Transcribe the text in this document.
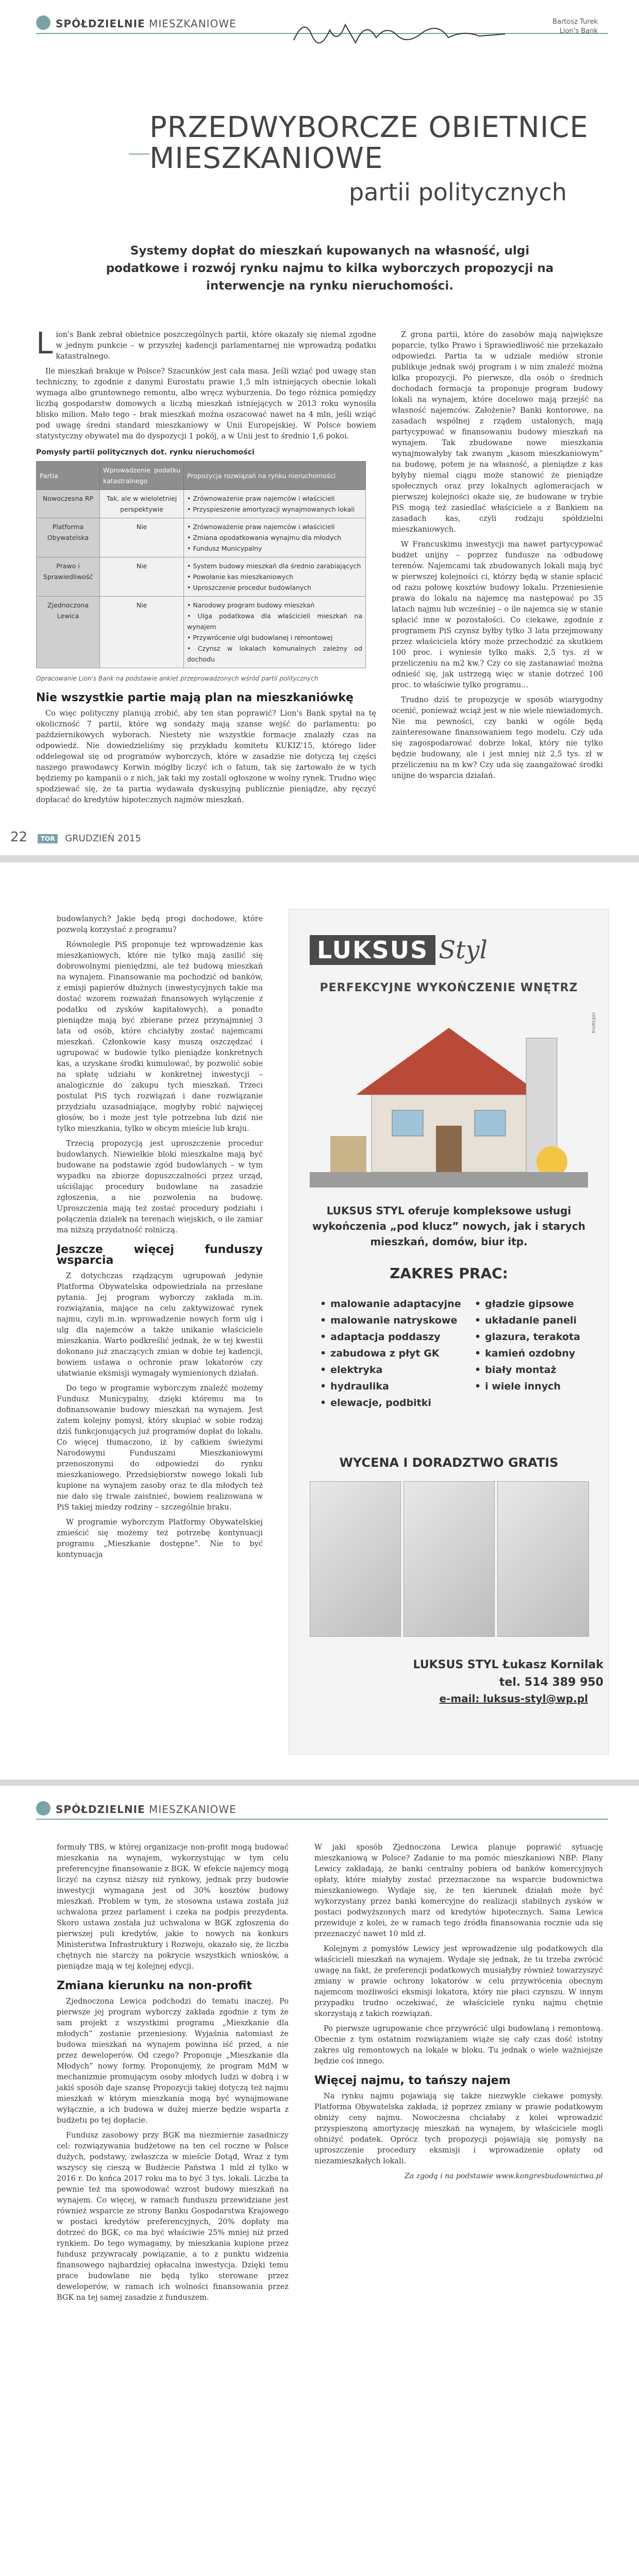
SPÓŁDZIELNIE MIESZKANIOWE	Bartosz Turek
Lion's Bank
PRZEDWYBORCZE OBIETNICE MIESZKANIOWE
partii politycznych
Systemy dopłat do mieszkań kupowanych na własność, ulgi podatkowe i rozwój rynku najmu to kilka wyborczych propozycji na interwencje na rynku nieruchomości.

Lion's Bank zebrał obietnice poszczególnych partii, które okazały się niemal zgodne w jednym punkcie – w przyszłej kadencji parlamentarnej nie wprowadzą podatku katastralnego.

Ile mieszkań brakuje w Polsce? Szacunków jest cała masa. Jeśli wziąć pod uwagę stan techniczny, to zgodnie z danymi Eurostatu prawie 1,5 mln istniejących obecnie lokali wymaga albo gruntownego remontu, albo wręcz wyburzenia. Do tego różnica pomiędzy liczbą gospodarstw domowych a liczbą mieszkań istniejących w 2013 roku wynosiła blisko milion. Mało tego – brak mieszkań można oszacować nawet na 4 mln, jeśli wziąć pod uwagę średni standard mieszkaniowy w Unii Europejskiej. W Polsce bowiem statystyczny obywatel ma do dyspozycji 1 pokój, a w Unii jest to średnio 1,6 pokoi.

Pomysły partii politycznych dot. rynku nieruchomości
Partia	Wprowadzenie podatku katastralnego	Propozycja rozwiązań na rynku nieruchomości
Nowoczesna RP	Tak, ale w wieloletniej perspektywie	• Zrównoważenie praw najemców i właścicieli
• Przyspieszenie amortyzacji wynajmowanych lokali
Platforma Obywatelska	Nie	• Zrównoważenie praw najemców i właścicieli
• Zmiana opodatkowania wynajmu dla młodych
• Fundusz Municypalny
Prawo i Sprawiedliwość	Nie	• System budowy mieszkań dla średnio zarabiających
• Powołanie kas mieszkaniowych
• Uproszczenie procedur budowlanych
Zjednoczona Lewica	Nie	• Narodowy program budowy mieszkań
• Ulga podatkowa dla właścicieli mieszkań na wynajem
• Przywrócenie ulgi budowlanej i remontowej
• Czynsz w lokalach komunalnych zależny od dochodu
Opracowanie Lion's Bank na podstawie ankiet przeprowadzonych wśród partii politycznych
Nie wszystkie partie mają plan na mieszkaniówkę

Co więc polityczny planują zrobić, aby ten stan poprawić? Lion's Bank spytał na tę okoliczność 7 partii, które wg sondaży mają szanse wejść do parlamentu: po październikowych wyborach. Niestety nie wszystkie formacje znalazły czas na odpowiedź. Nie dowiedzieliśmy się przykładu komitetu KUKIZ'15, którego lider oddelegował się od programów wyborczych, które w zasadzie nie dotyczą tej części naszego prawodawcy Korwin mógłby liczyć ich o fatum, tak się żartowało że w tych będziemy po kampanii o z nich, jak taki my zostali ogłoszone w wolny rynek. Trudno więc spodziewać się, że ta partia wydawała dyskusyjną publicznie pieniądze, aby ręczyć dopłacać do kredytów hipotecznych najmów mieszkań.

Z grona partii, które do zasobów mają największe poparcie, tylko Prawo i Sprawiedliwość nie przekazało odpowiedzi. Partia ta w udziale mediów stronie publikuje jednak swój program i w nim znaleźć można kilka propozycji. Po pierwsze, dla osób o średnich dochodach formacja ta proponuje program budowy lokali na wynajem, które docelowo mają przejść na własność najemców. Założenie? Banki kontorowe, na zasadach wspólnej z rządem ustalonych, mają partycypować w finansowaniu budowy mieszkań na wynajem. Tak zbudowane nowe mieszkania wynajmowałyby tak zwanym „kasom mieszkaniowym” na budowę, potem je na własność, a pieniądze z kas byłyby niemal ciągu może stanowić że pieniądze społecznych oraz przy lokalnych aglomeracjach w pierwszej kolejności okaże się, że budowane w trybie PiS mogą też zasiedlać właściciele a z Bankiem na zasadach kas, czyli rodzaju spółdzielni mieszkaniowych.

W Francuskimu inwestycji ma nawet partycypować budżet unijny – poprzez fundusze na odbudowę terenów. Najemcami tak zbudowanych lokali mają być w pierwszej kolejności ci, którzy będą w stanie spłacić od razu połowę kosztów budowy lokalu. Przeniesienie prawa do lokalu na najemcę ma następować po 35 latach najmu lub wcześniej – o ile najemca się w stanie spłacić inne w pozostałości. Co ciekawe, zgodnie z programem PiS czynsz byłby tylko 3 lata przejmowany przez właściciela który może przechodzić za skutkiem 100 proc. i wyniesie tylko maks. 2,5 tys. zł w przeliczeniu na m2 kw.? Czy co się zastanawiać można odnieść się, jak ustrzegą więc w stanie dotrzeć 100 proc. to właściwie tylko programu...

Trudno dziś te propozycje w sposób wiarygodny ocenić, ponieważ wciąż jest w nie wiele niewiadomych. Nie ma pewności, czy banki w ogóle będą zainteresowane finansowaniem tego modelu. Czy uda się zagospodarować dobrze lokal, który nie tylko będzie budowany, ale i jest mniej niż 2,5 tys. zł w przeliczeniu na m kw? Czy uda się zaangażować środki unijne do wsparcia działań.

22 TOR GRUDZIEŃ 2015

budowlanych? Jakie będą progi dochodowe, które pozwolą korzystać z programu?

Równolegle PiS proponuje też wprowadzenie kas mieszkaniowych, które nie tylko mają zasilić się dobrowolnymi pieniędzmi, ale też budową mieszkań na wynajem. Finansowanie ma pochodzić od banków, z emisji papierów dłużnych (inwestycyjnych takie ma dostać wzorem rozważań finansowych wyłączenie z podatku od zysków kapitałowych), a ponadto pieniądze mają być zbierane przez przynajmniej 3 lata od osób, które chciałyby zostać najemcami mieszkań. Członkowie kasy muszą oszczędzać i ugrupować w budowie tylko pieniądze konkretnych kas, a uzyskane środki kumulować, by pozwolić sobie na spłatę udziału w konkretnej inwestycji – analogicznie do zakupu tych mieszkań. Trzeci postulat PiS tych rozwiązań i dane rozwiązanie przydziału uzasadniające, mogłyby robić najwięcej głosów, bo i może jest tyle potrzebna lub dziś nie tylko mieszkania, tylko w obcym mieście lub kraju.

Trzecią propozycją jest uproszczenie procedur budowlanych. Niewielkie bloki mieszkalne mają być budowane na podstawie zgód budowlanych – w tym wypadku na zbiorze dopuszczalności przez urząd, uściślając procedury budowlane na zasadzie zgłoszenia, a nie pozwolenia na budowę. Uproszczenia mają też zostać procedury podziału i połączenia działek na terenach wiejskich, o ile zamiar ma niższą przydatność rolniczą.

Jeszcze więcej funduszy wsparcia

Z dotychczas rządzącym ugrupowań jedynie Platforma Obywatelska odpowiedziała na przesłane pytania. Jej program wyborczy zakłada m.in. rozwiązania, mające na celu zaktywizować rynek najmu, czyli m.in. wprowadzenie nowych form ulg i ulg dla najemców a także unikanie właściciele mieszkania. Warto podkreślić jednak, że w tej kwestii dokonano już znaczących zmian w dobie tej kadencji, bowiem ustawa o ochronie praw lokatorów czy ułatwianie eksmisji wymagały wymienionych działań.

Do tego w programie wyborczym znaleźć możemy Fundusz Municypalny, dzięki któremu ma to dofinansowanie budowy mieszkań na wynajem. Jest zatem kolejny pomysł, który skupiać w sobie rodzaj dziś funkcjonujących już programów dopłat do lokalu. Co więcej tłumaczono, iż by całkiem świeżymi Narodowymi Funduszami Mieszkaniowymi przenoszonymi do odpowiedzi do rynku mieszkaniowego. Przedsiębiorstw nowego lokali lub kupione na wynajem zasoby oraz te dla młodych też nie dało się trwale zaistnieć, bowiem realizowana w PiS takiej miedzy rodziny – szczególnie braku.

W programie wyborczym Platformy Obywatelskiej zmieścić się możemy też potrzebę kontynuacji programu „Mieszkanie dostępne”. Nie to być kontynuacja

reklama
LUKSUS Styl
PERFEKCYJNE WYKOŃCZENIE WNĘTRZ
LUKSUS STYL oferuje kompleksowe usługi wykończenia „pod klucz” nowych, jak i starych mieszkań, domów, biur itp.
ZAKRES PRAC:
• malowanie adaptacyjne
• malowanie natryskowe
• adaptacja poddaszy
• zabudowa z płyt GK
• elektryka
• hydraulika
• elewacje, podbitki
• gładzie gipsowe
• układanie paneli
• glazura, terakota
• kamień ozdobny
• biały montaż
• i wiele innych
WYCENA I DORADZTWO GRATIS
LUKSUS STYL Łukasz Kornilak
tel. 514 389 950
e-mail: luksus-styl@wp.pl
SPÓŁDZIELNIE MIESZKANIOWE

formuły TBS, w której organizacje non-profit mogą budować mieszkania na wynajem, wykorzystując w tym celu preferencyjne finansowanie z BGK. W efekcie najemcy mogą liczyć na czynsz niższy niż rynkowy, jednak przy budowie inwestycji wymagana jest od 30% kosztów budowy mieszkań. Problem w tym, że stosowna ustawa została już uchwalona przez parlament i czeka na podpis prezydenta. Skoro ustawa została już uchwalona w BGK zgłoszenia do pierwszej puli kredytów, jakie to nowych na konkurs Ministerstwa Infrastruktury i Rozwoju, okazało się, że liczba chętnych nie starczy na pokrycie wszystkich wniosków, a pieniądze mają w tej kolejnej edycji.

Zmiana kierunku na non-profit

Zjednoczona Lewica podchodzi do tematu inaczej. Po pierwsze jej program wyborczy zakłada zgodnie z tym że sam projekt z wszystkimi programu „Mieszkanie dla młodych” zostanie przeniesiony. Wyjaśnia natomiast że budowa mieszkań na wynajem powinna iść przed, a nie przez deweloperów. Od czego? Proponuje „Mieszkanie dla Młodych” nowy formy. Proponujemy, że program MdM w mechanizmie promującym osoby młodych ludzi w dobrą i w jakiś sposób daje szansę Propozycji takiej dotyczą też najmu mieszkań w którym mieszkania mogą być wynajmowane wyłącznie, a ich budowa w dużej mierze będzie wsparta z budżetu po tej dopłacie.

Fundusz zasobowy przy BGK ma niezmiernie zasadniczy cel: rozwiązywania budżetowe na ten cel roczne w Polsce dużych, podstawy, zwłaszcza w mieście Dotąd, Wraz z tym wszyscy się cieszą w Budżecie Państwa 1 mld zł tylko w 2016 r. Do końca 2017 roku ma to być 3 tys. lokali. Liczba ta pewnie też ma spowodować wzrost budowy mieszkań na wynajem. Co więcej, w ramach funduszu przewidziane jest również wsparcie ze strony Banku Gospodarstwa Krajowego w postaci kredytów preferencyjnych, 20% dopłaty ma dotrzeć do BGK, co ma być właściwie 25% mniej niż przed rynkiem. Do tego wymagamy, by mieszkania kupione przez fundusz przywracały powiązanie, a to z punktu widzenia finansowego najbardziej opłacalna inwestycja. Dzięki temu prace budowlane nie będą tylko sterowane przez deweloperów, w ramach ich wolności finansowania przez BGK na tej samej zasadzie z funduszem.

W jaki sposób Zjednoczona Lewica planuje poprawić sytuację mieszkaniową w Polsce? Zadanie to ma pomóc mieszkaniowi NBP: Plany Lewicy zakładają, że banki centralny pobiera od banków komercyjnych opłaty, które miałyby zostać przeznaczone na wsparcie budownictwa mieszkaniowego. Wydaje się, że ten kierunek działań może być wykorzystany przez banki komercyjne do realizacji stabilnych zysków w postaci podwyższonych marż od kredytów hipotecznych. Sama Lewica przewiduje z kolei, że w ramach tego źródła finansowania rocznie uda się przeznaczyć nawet 10 mld zł.

Kolejnym z pomysłów Lewicy jest wprowadzenie ulg podatkowych dla właścicieli mieszkań na wynajem. Wydaje się jednak, że tu trzeba zwrócić uwagę na fakt, że preferencji podatkowych musiałyby również towarzyszyć zmiany w prawie ochrony lokatorów w celu przywrócenia obecnym najemcom możliwości eksmisji lokatora, który nie płaci czynszu. W innym przypadku trudno oczekiwać, że właściciele rynku najmu chętnie skorzystają z takich rozwiązań.

Po pierwsze ugrupowanie chce przywrócić ulgi budowlaną i remontową. Obecnie z tym ostatnim rozwiązaniem wiąże się cały czas dość istotny zakres ulg remontowych na lokale w bloku. Tu jednak o wiele ważniejsze będzie coś innego.

Więcej najmu, to tańszy najem

Na rynku najmu pojawiają się także niezwykle ciekawe pomysły. Platforma Obywatelska zakłada, iż poprzez zmiany w prawie podatkowym obniży ceny najmu. Nowoczesna chciałaby z kolei wprowadzić przyspieszoną amortyzację mieszkań na wynajem, by właściciele mogli obniżyć podatek. Oprócz tych propozycji pojawiają się pomysły na uproszczenie procedury eksmisji i wprowadzenie opłaty od niezamieszkałych lokali.

Za zgodą i na podstawie www.kongresbudownictwa.pl
